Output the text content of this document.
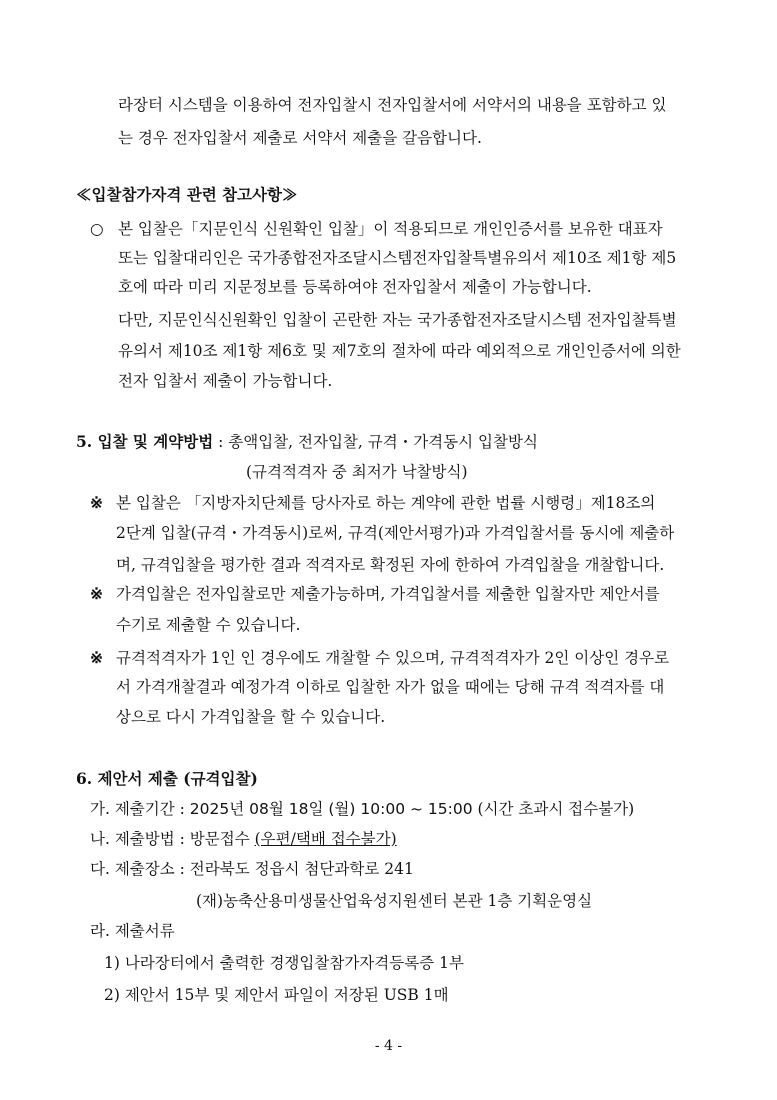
라장터 시스템을 이용하여 전자입찰시 전자입찰서에 서약서의 내용을 포함하고 있
는 경우 전자입찰서 제출로 서약서 제출을 갈음합니다.
≪입찰참가자격 관련 참고사항≫
○ 본 입찰은「지문인식 신원확인 입찰」이 적용되므로 개인인증서를 보유한 대표자
또는 입찰대리인은 국가종합전자조달시스템전자입찰특별유의서 제10조 제1항 제5
호에 따라 미리 지문정보를 등록하여야 전자입찰서 제출이 가능합니다.
다만, 지문인식신원확인 입찰이 곤란한 자는 국가종합전자조달시스템 전자입찰특별
유의서 제10조 제1항 제6호 및 제7호의 절차에 따라 예외적으로 개인인증서에 의한
전자 입찰서 제출이 가능합니다.
5. 입찰 및 계약방법 : 총액입찰, 전자입찰, 규격・가격동시 입찰방식
(규격적격자 중 최저가 낙찰방식)
※ 본 입찰은 「지방자치단체를 당사자로 하는 계약에 관한 법률 시행령」제18조의
2단계 입찰(규격・가격동시)로써, 규격(제안서평가)과 가격입찰서를 동시에 제출하
며, 규격입찰을 평가한 결과 적격자로 확정된 자에 한하여 가격입찰을 개찰합니다.
※ 가격입찰은 전자입찰로만 제출가능하며, 가격입찰서를 제출한 입찰자만 제안서를
수기로 제출할 수 있습니다.
※ 규격적격자가 1인 인 경우에도 개찰할 수 있으며, 규격적격자가 2인 이상인 경우로
서 가격개찰결과 예정가격 이하로 입찰한 자가 없을 때에는 당해 규격 적격자를 대
상으로 다시 가격입찰을 할 수 있습니다.
6. 제안서 제출 (규격입찰)
가. 제출기간 : 2025년 08월 18일 (월) 10:00 ~ 15:00 (시간 초과시 접수불가)
나. 제출방법 : 방문접수 (우편/택배 접수불가)
다. 제출장소 : 전라북도 정읍시 첨단과학로 241
(재)농축산용미생물산업육성지원센터 본관 1층 기획운영실
라. 제출서류
1) 나라장터에서 출력한 경쟁입찰참가자격등록증 1부
2) 제안서 15부 및 제안서 파일이 저장된 USB 1매
- 4 -
